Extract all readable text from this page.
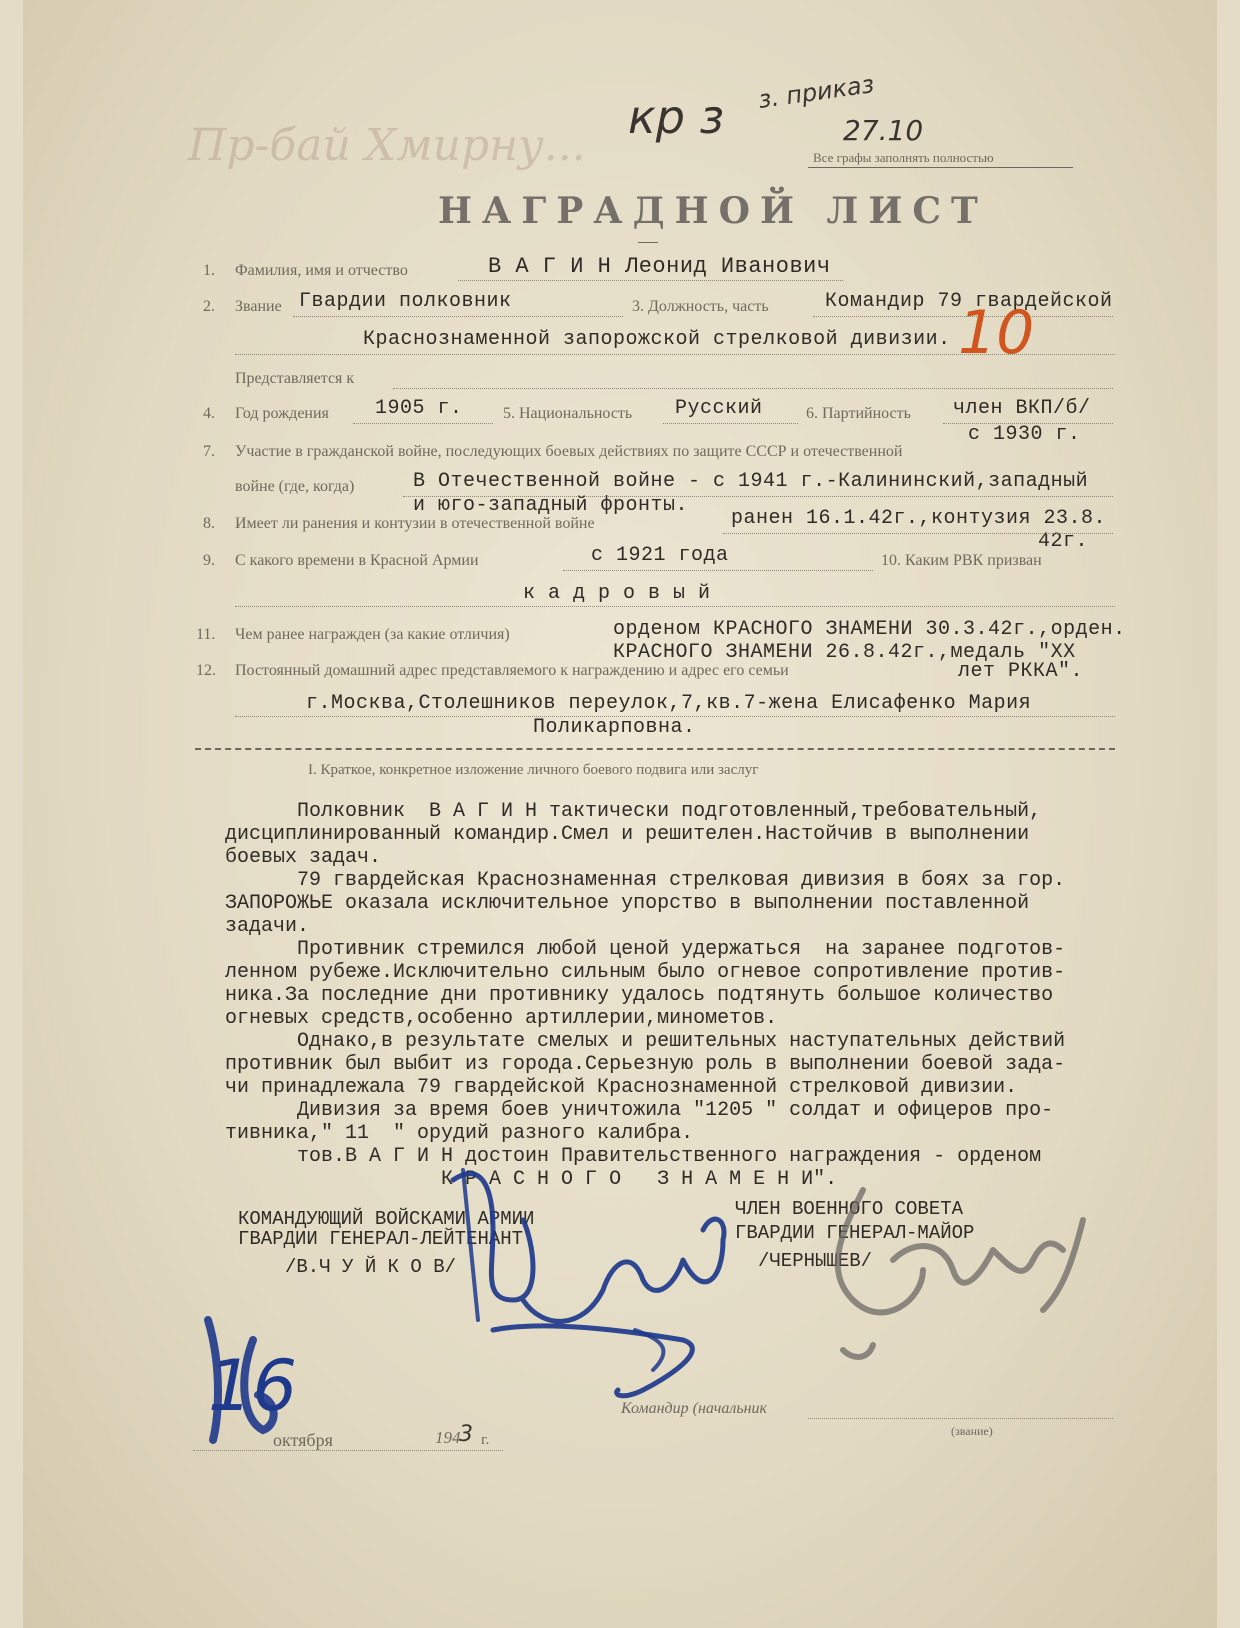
Пр-бай Хмирну...
кр з з. приказ
27.10
Все графы заполнять полностью
НАГРАДНОЙ ЛИСТ
1. Фамилия, имя и отчество	В А Г И Н Леонид Иванович
2. Звание Гвардии полковник	3. Должность, часть	Командир 79 гвардейской
Краснознаменной запорожской стрелковой дивизии. 10
Представляется к
4. Год рождения 1905 г.	5. Национальность Русский	6. Партийность член ВКП/б/
с 1930 г.
7. Участие в гражданской войне, последующих боевых действиях по защите СССР и отечественной
войне (где, когда)	В Отечественной войне - с 1941 г.-Калининский,западный
и юго-западный фронты.
8. Имеет ли ранения и контузии в отечественной войне	ранен 16.1.42г.,контузия 23.8.
42г.
9. С какого времени в Красной Армии	с 1921 года	10. Каким РВК призван
к а д р о в ы й
11. Чем ранее награжден (за какие отличия)	орденом КРАСНОГО ЗНАМЕНИ 30.3.42г.,орден.
КРАСНОГО ЗНАМЕНИ 26.8.42г.,медаль "XX
лет РККА".
12. Постоянный домашний адрес представляемого к награждению и адрес его семьи
г.Москва,Столешников переулок,7,кв.7-жена Елисафенко Мария
Поликарповна.
I. Краткое, конкретное изложение личного боевого подвига или заслуг
Полковник  В А Г И Н тактически подготовленный,требовательный,
дисциплинированный командир.Смел и решителен.Настойчив в выполнении
боевых задач.
79 гвардейская Краснознаменная стрелковая дивизия в боях за гор.
ЗАПОРОЖЬЕ оказала исключительное упорство в выполнении поставленной
задачи.
Противник стремился любой ценой удержаться  на заранее подготов-
ленном рубеже.Исключительно сильным было огневое сопротивление против-
ника.За последние дни противнику удалось подтянуть большое количество
огневых средств,особенно артиллерии,минометов.
Однако,в результате смелых и решительных наступательных действий
противник был выбит из города.Серьезную роль в выполнении боевой зада-
чи принадлежала 79 гвардейской Краснознаменной стрелковой дивизии.
Дивизия за время боев уничтожила "1205 " солдат и офицеров про-
тивника," 11  " орудий разного калибра.
тов.В А Г И Н достоин Правительственного награждения - орденом
К Р А С Н О Г О   З Н А М Е Н И".
КОМАНДУЮЩИЙ ВОЙСКАМИ АРМИИ
ГВАРДИИ ГЕНЕРАЛ-ЛЕЙТЕНАНТ
/В.Ч У Й К О В/
ЧЛЕН ВОЕННОГО СОВЕТА
ГВАРДИИ ГЕНЕРАЛ-МАЙОР
/ЧЕРНЫШЕВ/
16
октября	194
3 г.
Командир (начальник
(звание)
